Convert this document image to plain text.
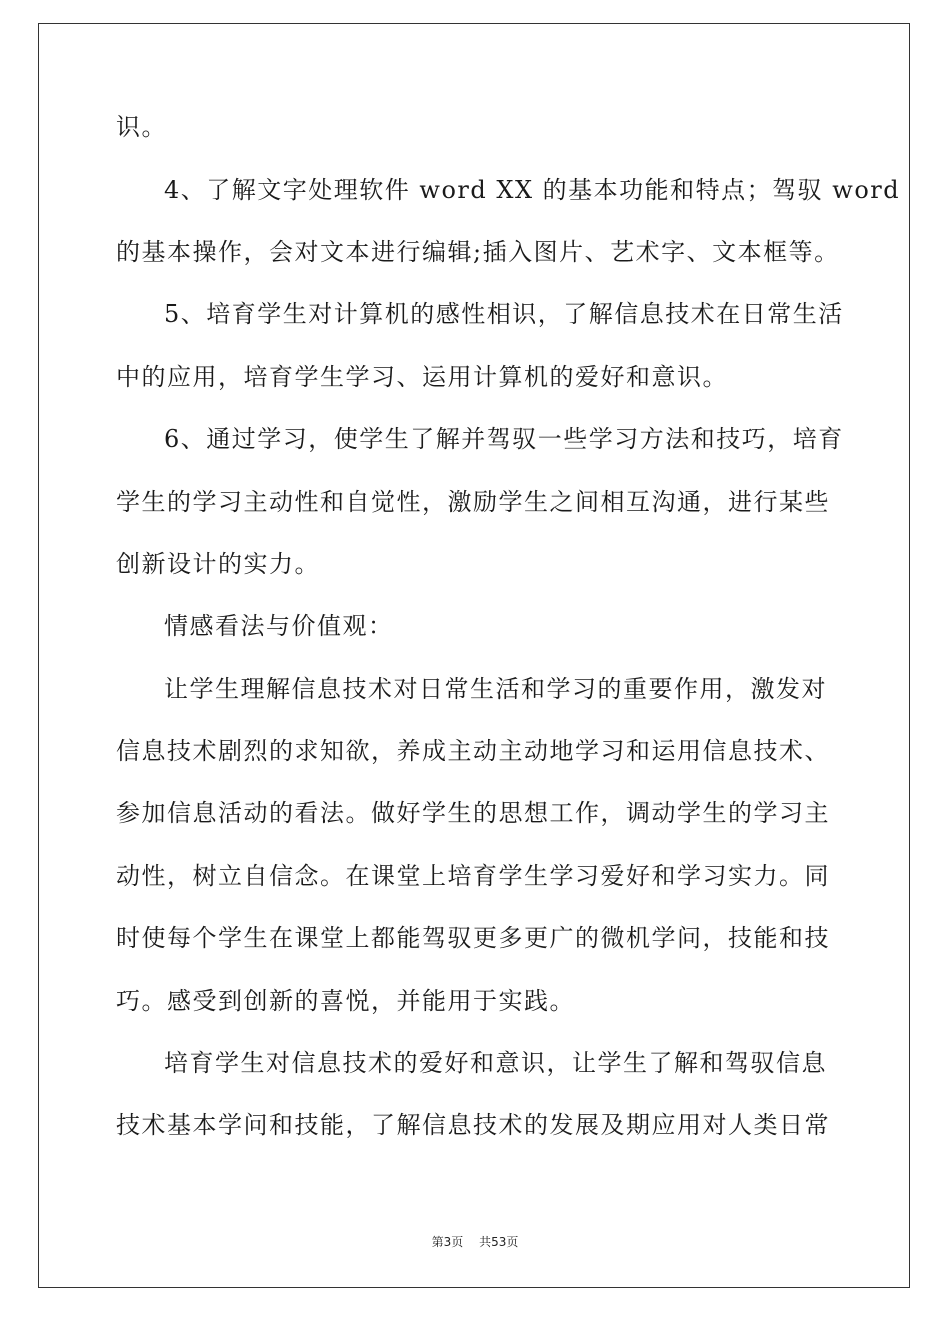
识。
4、了解文字处理软件 word XX 的基本功能和特点；驾驭 word
的基本操作，会对文本进行编辑;插入图片、艺术字、文本框等。
5、培育学生对计算机的感性相识，了解信息技术在日常生活
中的应用，培育学生学习、运用计算机的爱好和意识。
6、通过学习，使学生了解并驾驭一些学习方法和技巧，培育
学生的学习主动性和自觉性，激励学生之间相互沟通，进行某些
创新设计的实力。
情感看法与价值观：
让学生理解信息技术对日常生活和学习的重要作用，激发对
信息技术剧烈的求知欲，养成主动主动地学习和运用信息技术、
参加信息活动的看法。做好学生的思想工作，调动学生的学习主
动性，树立自信念。在课堂上培育学生学习爱好和学习实力。同
时使每个学生在课堂上都能驾驭更多更广的微机学问，技能和技
巧。感受到创新的喜悦，并能用于实践。
培育学生对信息技术的爱好和意识，让学生了解和驾驭信息
技术基本学问和技能，了解信息技术的发展及期应用对人类日常
第3页 共53页
